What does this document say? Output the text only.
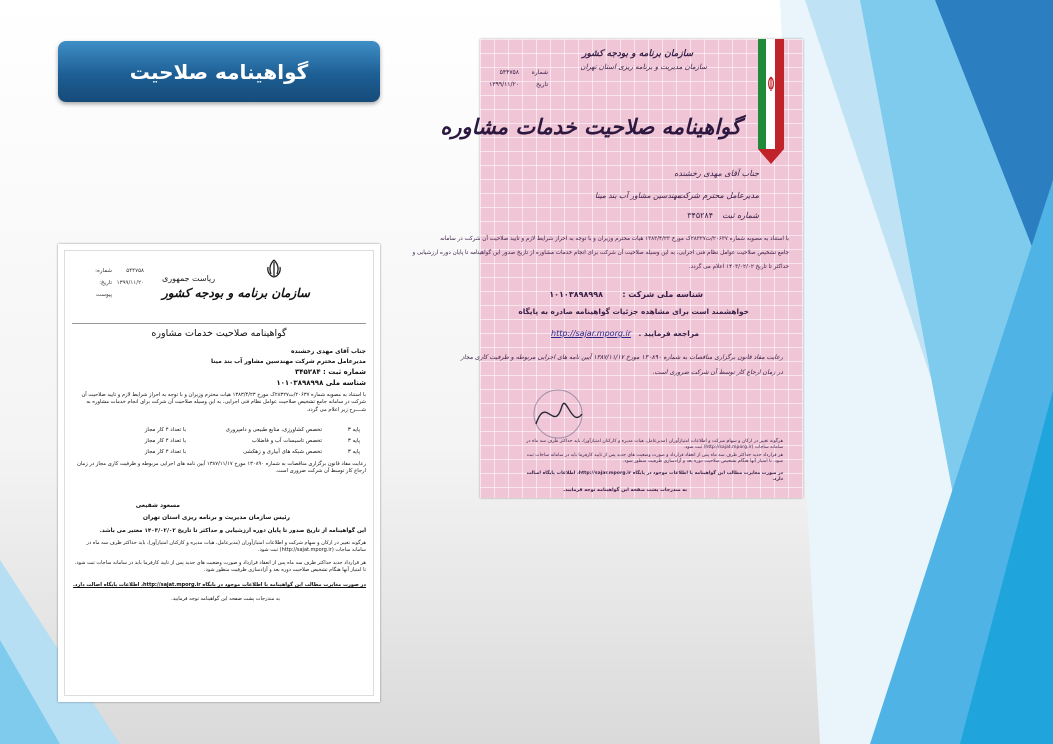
گواهینامه صلاحیت
ریاست جمهوری
سازمان برنامه و بودجه کشور
شماره:	۵۴۴۷۵۸
تاریخ: ۱۳۹۹/۱۱/۲۰
پیوست
گواهینامه صلاحیت خدمات مشاوره
جناب آقای مهدی رخشنده
مدیرعامل محترم شرکت مهندسین مشاور آب بند مینا
شماره ثبت : ۳۴۵۲۸۴
شناسه ملی ۱۰۱۰۳۸۹۸۹۹۸
با استناد به مصوبه شماره ۲۰۶۳۷/ت۲۸۳۲۷ک مورخ ۱۳۸۳/۴/۲۳ هیات محترم وزیران و با توجه به احراز شرایط لازم و تایید صلاحیت آن شرکت در سامانه جامع تشخیص صلاحیت عوامل نظام فنی اجرایی، به این وسیله صلاحیت آن شرکت برای انجام خدمات مشاوره به شــــرح زیر اعلام می گردد.
پایه ۳
تخصص کشاورزی، منابع طبیعی و دامپروری
با تعداد ۴ کار مجاز
پایه ۳
تخصص تاسیسات آب و فاضلاب
با تعداد ۴ کار مجاز
پایه ۳
تخصص شبکه های آبیاری و زهکشی
با تعداد ۴ کار مجاز
رعایت مفاد قانون برگزاری مناقصات به شماره ۱۳۰۸۹۰ مورخ ۱۳۸۷/۱۱/۱۷ آیین نامه های اجرایی مربوطه و ظرفیت کاری مجاز در زمان ارجاع کار توسط آن شرکت ضروری است.
مسعود شفیعی
رئیس سازمان مدیریت و برنامه ریزی استان تهران
این گواهینامه از تاریخ صدور تا پایان دوره ارزشیابی و حداکثر تا تاریخ ۱۴۰۳/۰۲/۰۲ معتبر می باشد.
هرگونه تغییر در ارکان و سهام شرکت و اطلاعات امتیازآوران (مدیرعامل، هیات مدیره و کارکنان امتیازآور)، باید حداکثر ظرف سه ماه در سامانه ساجات (http://sajat.mporg.ir) ثبت شود.
هر قرارداد جدید حداکثر ظرف سه ماه پس از انعقاد قرارداد و صورت وضعیت های جدید پس از تایید کارفرما باید در سامانه ساجات ثبت شود. تا امتیاز آنها هنگام تشخیص صلاحیت دوره بعد و آزادسازی ظرفیت منظور شود.
در صورت مغایرت مطالب این گواهینامه با اطلاعات موجود در پایگاه http://sajat.mporg.ir، اطلاعات پایگاه اصالت دارد.
به مندرجات پشت صفحه این گواهینامه توجه فرمایید.
سازمان برنامه و بودجه کشور
سازمان مدیریت و برنامه ریزی استان تهران
شماره
۵۴۴۷۵۸
تاریخ
۱۳۹۹/۱۱/۲۰
گواهینامه صلاحیت خدمات مشاوره
جناب آقای مهدی رخشنده
مدیرعامل محترم شرکت
مهندسین مشاور آب بند مینا
شماره ثبت
۳۴۵۲۸۴
با استناد به مصوبه شماره ۲۰۶۳۷/ت۲۸۳۲۷ک مورخ ۱۳۸۳/۴/۲۳ هیات محترم وزیران و با توجه به احراز شرایط لازم و تایید صلاحیت آن شرکت در سامانه
جامع تشخیص صلاحیت عوامل نظام فنی اجرایی، به این وسیله صلاحیت آن شرکت برای انجام خدمات مشاوره از تاریخ صدور این گواهینامه تا پایان دوره ارزشیابی و
حداکثر تا تاریخ ۱۴۰۳/۰۲/۰۲ اعلام می گردد.
شناسه ملی شرکت :
۱۰۱۰۳۸۹۸۹۹۸
خواهشمند است برای مشاهده جزئیات گواهینامه صادره به پایگاه
مراجعه فرمایید .
http://sajar.mporg.ir
رعایت مفاد قانون برگزاری مناقصات به شماره ۱۳۰۸۹۰ مورخ ۱۳۸۷/۱۱/۱۷ آیین نامه های اجرایی مربوطه و ظرفیت کاری مجاز
در زمان ارجاع کار توسط آن شرکت ضروری است.
هرگونه تغییر در ارکان و سهام شرکت و اطلاعات امتیازآوران (مدیرعامل، هیات مدیره و کارکنان امتیازآور)، باید حداکثر ظرف سه ماه در سامانه ساجات (http://sajat.mporg.ir) ثبت شود.
هر قرارداد جدید حداکثر ظرف سه ماه پس از انعقاد قرارداد و صورت وضعیت های جدید پس از تایید کارفرما باید در سامانه ساجات ثبت شود. تا امتیاز آنها هنگام تشخیص صلاحیت دوره بعد و آزادسازی ظرفیت منظور شود.
در صورت مغایرت مطالب این گواهینامه با اطلاعات موجود در پایگاه http://sajar.mporg.ir، اطلاعات پایگاه اصالت دارد.
به مندرجات پشت صفحه این گواهینامه توجه فرمایید.
